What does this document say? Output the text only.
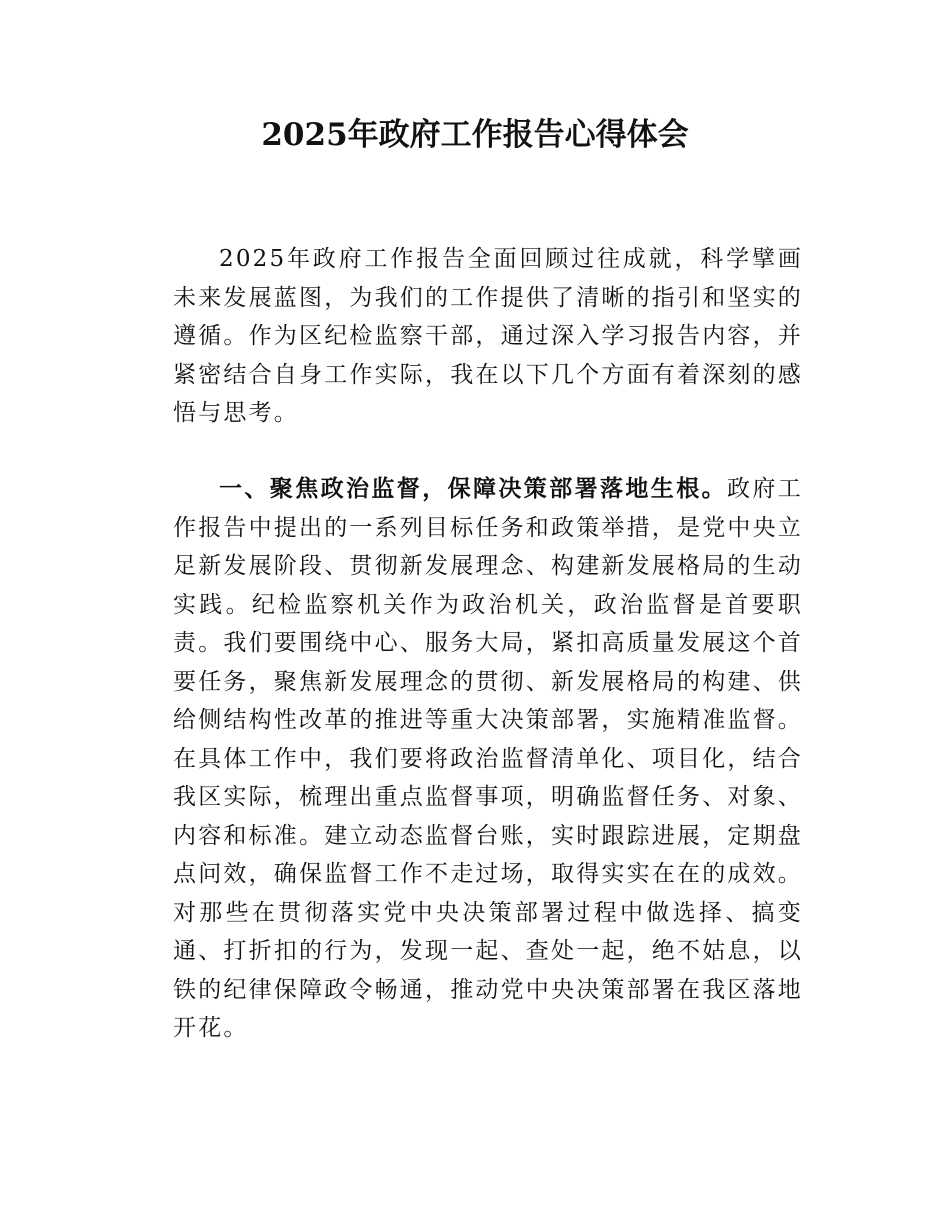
2025年政府工作报告心得体会

2025年政府工作报告全面回顾过往成就，科学擘画未来发展蓝图，为我们的工作提供了清晰的指引和坚实的遵循。作为区纪检监察干部，通过深入学习报告内容，并紧密结合自身工作实际，我在以下几个方面有着深刻的感悟与思考。

一、聚焦政治监督，保障决策部署落地生根。政府工作报告中提出的一系列目标任务和政策举措，是党中央立足新发展阶段、贯彻新发展理念、构建新发展格局的生动实践。纪检监察机关作为政治机关，政治监督是首要职责。我们要围绕中心、服务大局，紧扣高质量发展这个首要任务，聚焦新发展理念的贯彻、新发展格局的构建、供给侧结构性改革的推进等重大决策部署，实施精准监督。在具体工作中，我们要将政治监督清单化、项目化，结合我区实际，梳理出重点监督事项，明确监督任务、对象、内容和标准。建立动态监督台账，实时跟踪进展，定期盘点问效，确保监督工作不走过场，取得实实在在的成效。对那些在贯彻落实党中央决策部署过程中做选择、搞变通、打折扣的行为，发现一起、查处一起，绝不姑息，以铁的纪律保障政令畅通，推动党中央决策部署在我区落地开花。
